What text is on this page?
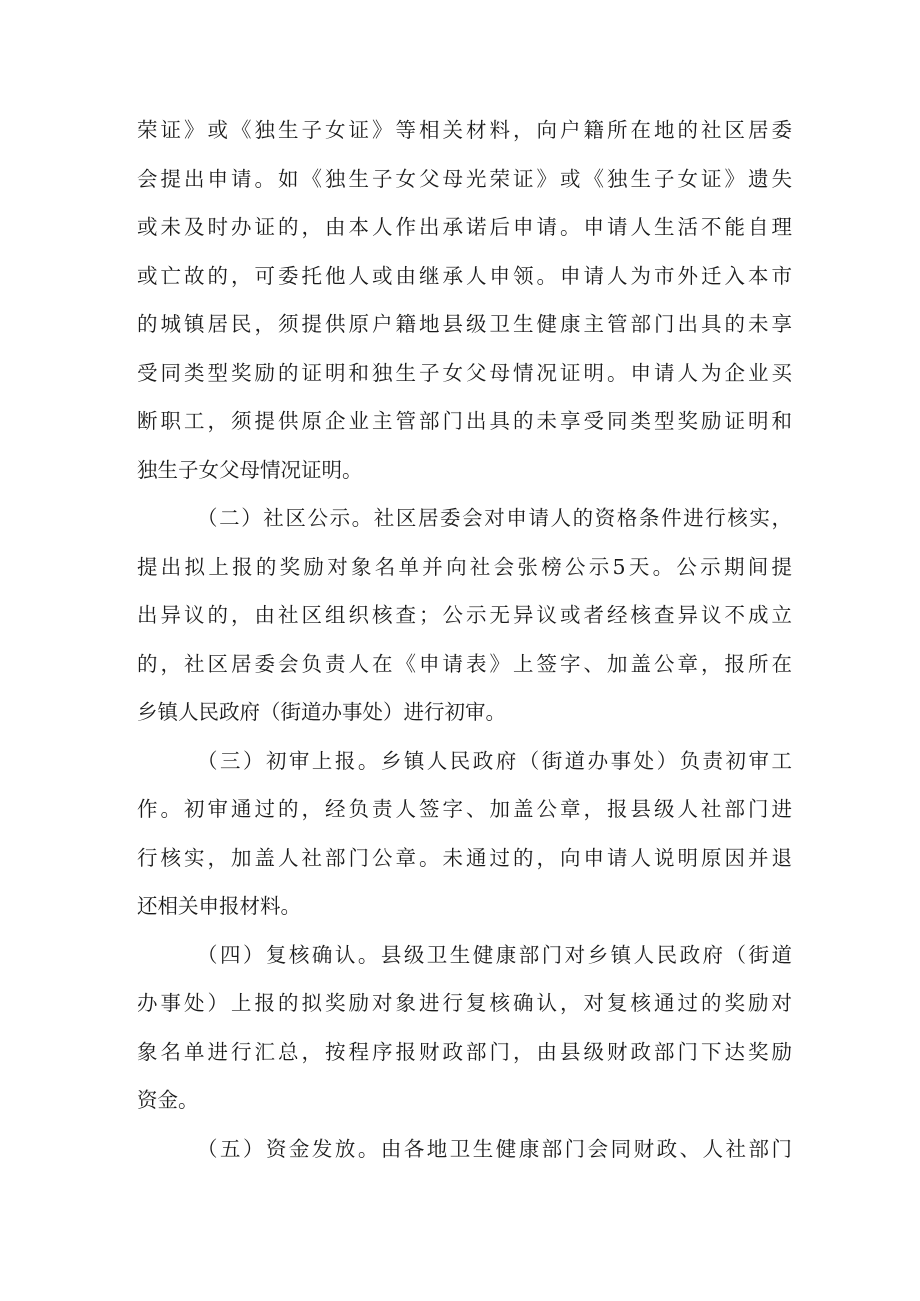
荣证》或《独生子女证》等相关材料，向户籍所在地的社区居委
会提出申请。如《独生子女父母光荣证》或《独生子女证》遗失
或未及时办证的，由本人作出承诺后申请。申请人生活不能自理
或亡故的，可委托他人或由继承人申领。申请人为市外迁入本市
的城镇居民，须提供原户籍地县级卫生健康主管部门出具的未享
受同类型奖励的证明和独生子女父母情况证明。申请人为企业买
断职工，须提供原企业主管部门出具的未享受同类型奖励证明和
独生子女父母情况证明。
（二）社区公示。社区居委会对申请人的资格条件进行核实，
提出拟上报的奖励对象名单并向社会张榜公示5天。公示期间提
出异议的，由社区组织核查；公示无异议或者经核查异议不成立
的，社区居委会负责人在《申请表》上签字、加盖公章，报所在
乡镇人民政府（街道办事处）进行初审。
（三）初审上报。乡镇人民政府（街道办事处）负责初审工
作。初审通过的，经负责人签字、加盖公章，报县级人社部门进
行核实，加盖人社部门公章。未通过的，向申请人说明原因并退
还相关申报材料。
（四）复核确认。县级卫生健康部门对乡镇人民政府（街道
办事处）上报的拟奖励对象进行复核确认，对复核通过的奖励对
象名单进行汇总，按程序报财政部门，由县级财政部门下达奖励
资金。
（五）资金发放。由各地卫生健康部门会同财政、人社部门
